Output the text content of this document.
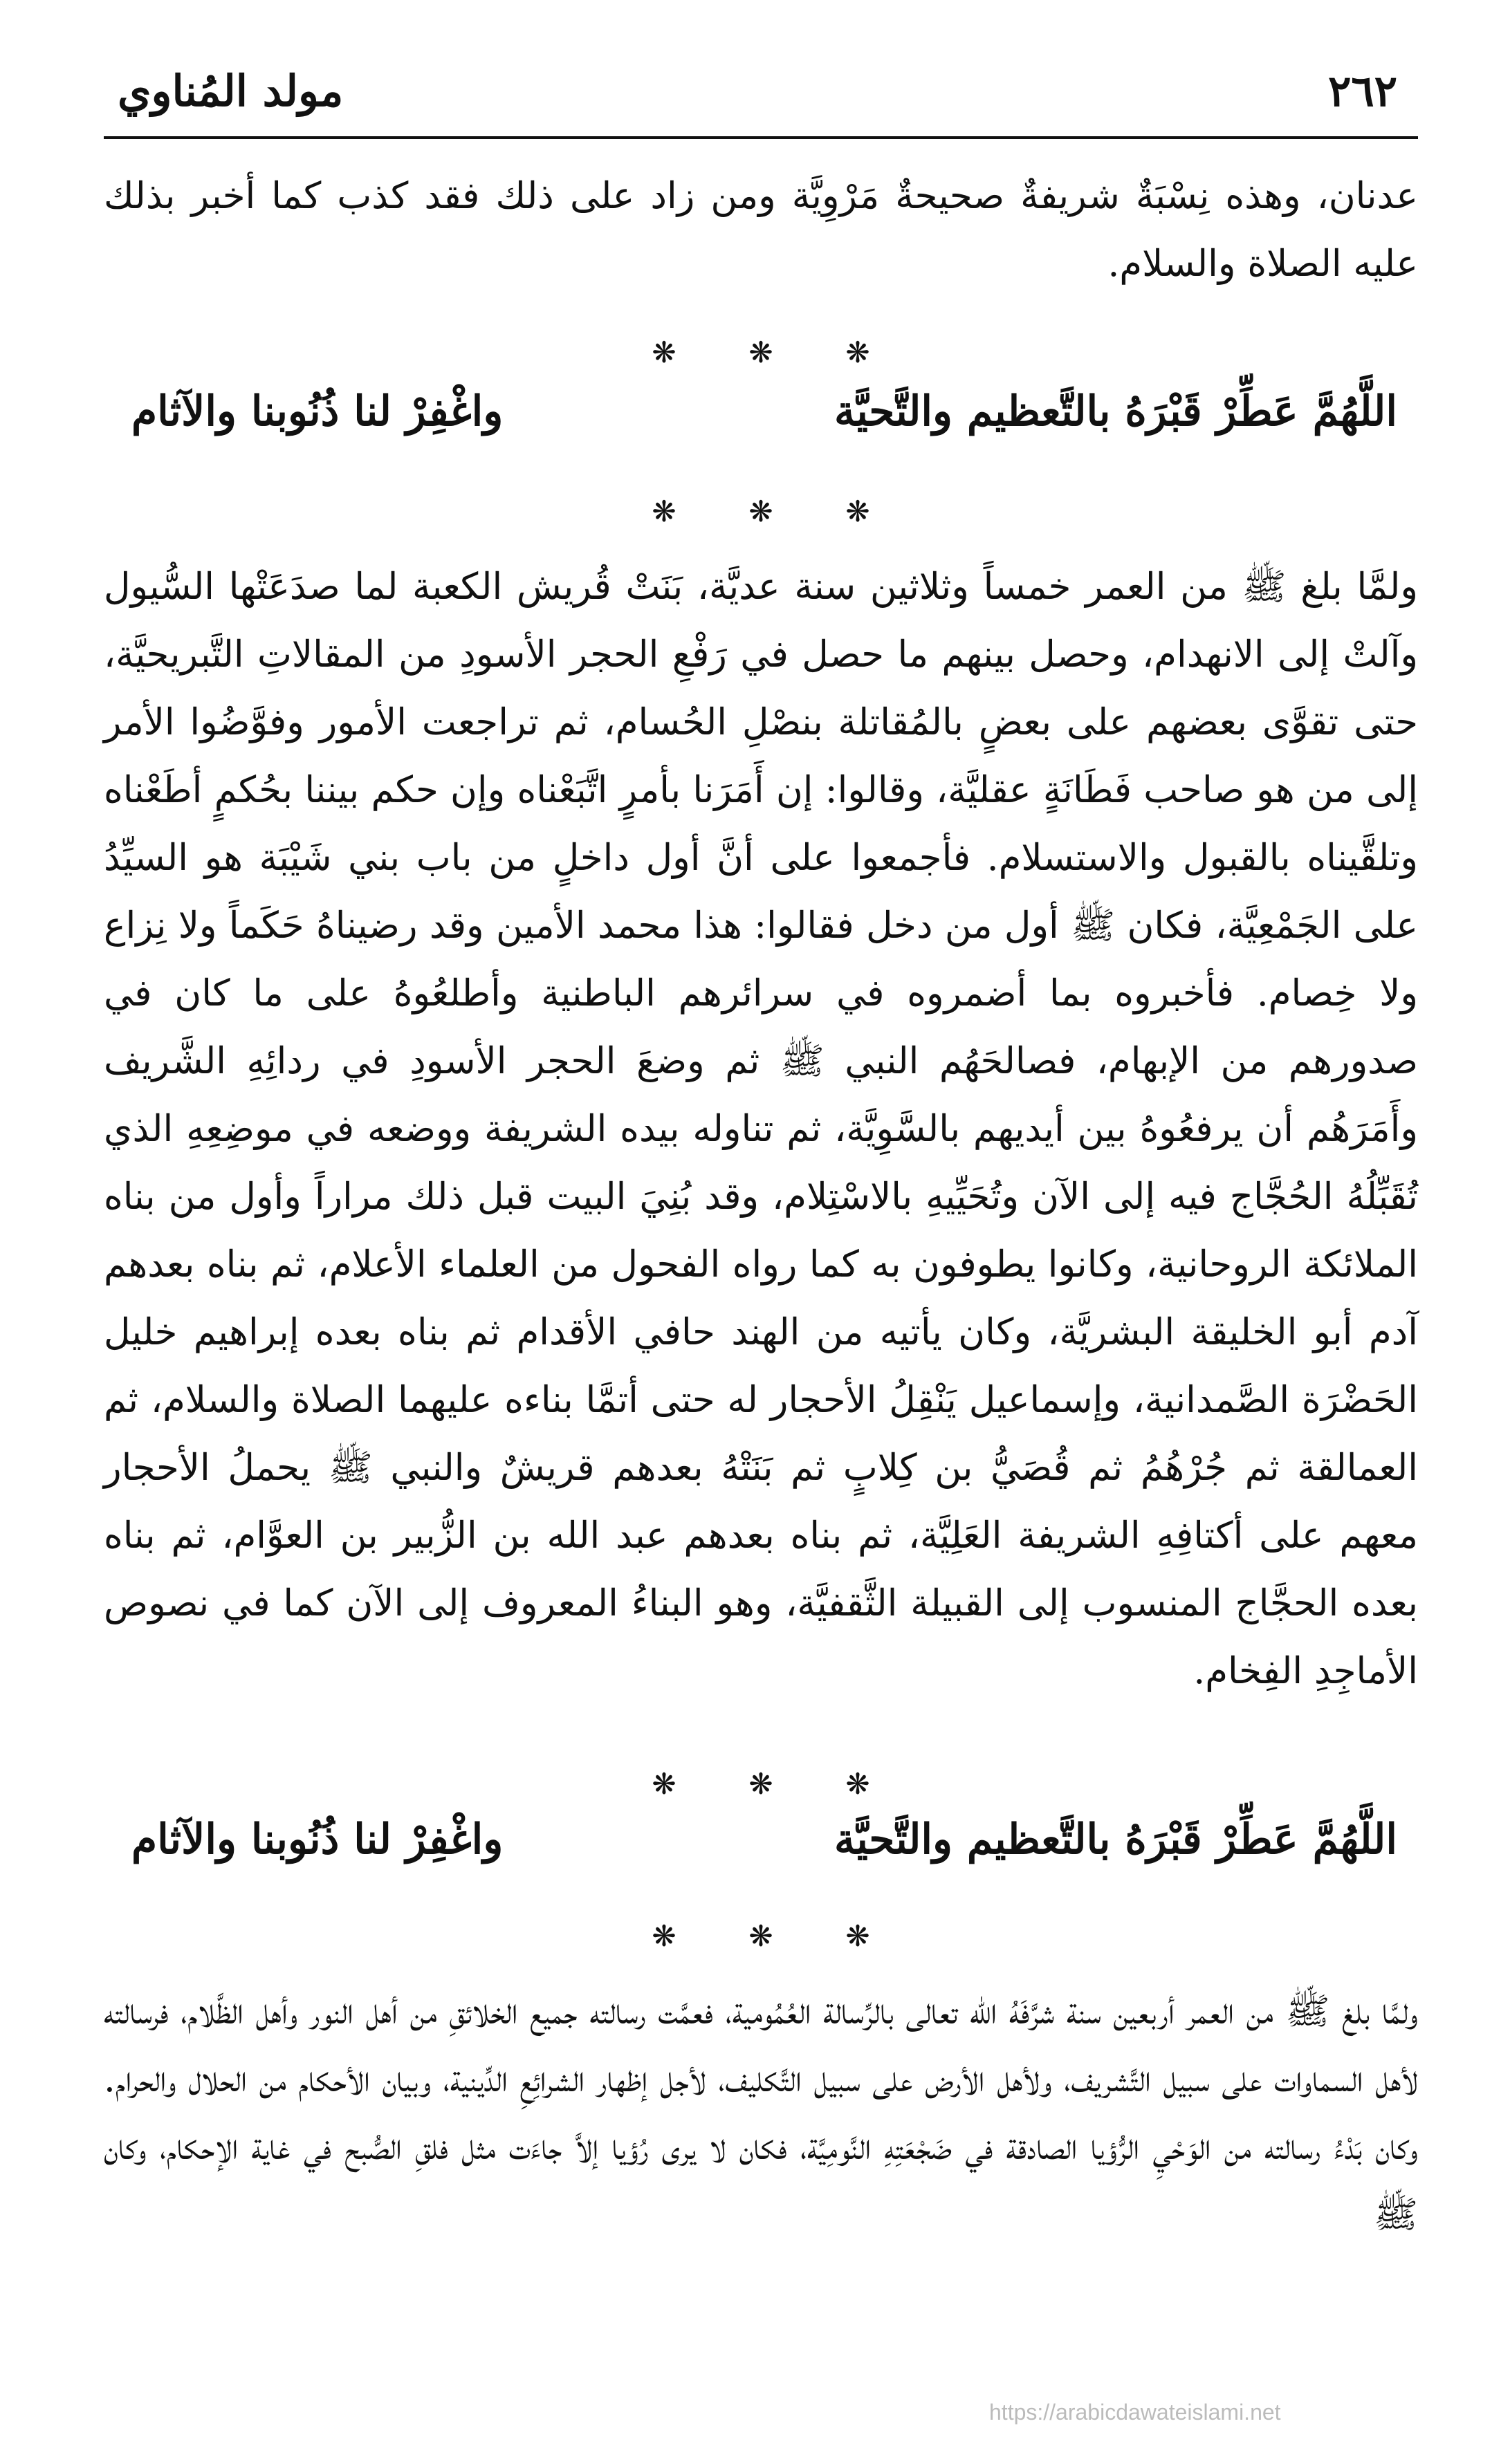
٢٦٢
مولد المُناوي
عدنان، وهذه نِسْبَةٌ شريفةٌ صحيحةٌ مَرْوِيَّة ومن زاد على ذلك فقد كذب كما أخبر بذلك عليه الصلاة والسلام.
❋ ❋ ❋
اللَّهُمَّ عَطِّرْ قَبْرَهُ بالتَّعظيم والتَّحيَّة
واغْفِرْ لنا ذُنُوبنا والآثام
❋ ❋ ❋
ولمَّا بلغ ﷺ من العمر خمساً وثلاثين سنة عديَّة، بَنَتْ قُريش الكعبة لما صدَعَتْها السُّيول وآلتْ إلى الانهدام، وحصل بينهم ما حصل في رَفْعِ الحجر الأسودِ من المقالاتِ التَّبريحيَّة، حتى تقوَّى بعضهم على بعضٍ بالمُقاتلة بنصْلِ الحُسام، ثم تراجعت الأمور وفوَّضُوا الأمر إلى من هو صاحب فَطَانَةٍ عقليَّة، وقالوا: إن أَمَرَنا بأمرٍ اتَّبَعْناه وإن حكم بيننا بحُكمٍ أطَعْناه وتلقَّيناه بالقبول والاستسلام. فأجمعوا على أنَّ أول داخلٍ من باب بني شَيْبَة هو السيِّدُ على الجَمْعِيَّة، فكان ﷺ أول من دخل فقالوا: هذا محمد الأمين وقد رضيناهُ حَكَماً ولا نِزاع ولا خِصام. فأخبروه بما أضمروه في سرائرهم الباطنية وأطلعُوهُ على ما كان في صدورهم من الإبهام، فصالحَهُم النبي ﷺ ثم وضعَ الحجر الأسودِ في ردائِهِ الشَّريف وأَمَرَهُم أن يرفعُوهُ بين أيديهم بالسَّوِيَّة، ثم تناوله بيده الشريفة ووضعه في موضِعِهِ الذي تُقَبِّلُهُ الحُجَّاج فيه إلى الآن وتُحَيِّيهِ بالاسْتِلام، وقد بُنِيَ البيت قبل ذلك مراراً وأول من بناه الملائكة الروحانية، وكانوا يطوفون به كما رواه الفحول من العلماء الأعلام، ثم بناه بعدهم آدم أبو الخليقة البشريَّة، وكان يأتيه من الهند حافي الأقدام ثم بناه بعده إبراهيم خليل الحَضْرَة الصَّمدانية، وإسماعيل يَنْقِلُ الأحجار له حتى أتمَّا بناءه عليهما الصلاة والسلام، ثم العمالقة ثم جُرْهُمُ ثم قُصَيُّ بن كِلابٍ ثم بَنَتْهُ بعدهم قريشٌ والنبي ﷺ يحملُ الأحجار معهم على أكتافِهِ الشريفة العَلِيَّة، ثم بناه بعدهم عبد الله بن الزُّبير بن العوَّام، ثم بناه بعده الحجَّاج المنسوب إلى القبيلة الثَّقفيَّة، وهو البناءُ المعروف إلى الآن كما في نصوص الأماجِدِ الفِخام.
❋ ❋ ❋
اللَّهُمَّ عَطِّرْ قَبْرَهُ بالتَّعظيم والتَّحيَّة
واغْفِرْ لنا ذُنُوبنا والآثام
❋ ❋ ❋
ولمَّا بلغ ﷺ من العمر أربعين سنة شرَّفَهُ الله تعالى بالرِّسالة العُمُومية، فعمَّت رسالته جميع الخلائقِ من أهل النور وأهل الظَّلام، فرسالته لأهل السماوات على سبيل التَّشريف، ولأهل الأرض على سبيل التَّكليف، لأجل إظهار الشرائِعِ الدِّينية، وبيان الأحكام من الحلال والحرام. وكان بَدْءُ رسالته من الوَحْيِ الرُّؤيا الصادقة في ضَجْعَتِهِ النَّومِيَّة، فكان لا يرى رُؤيا إلاَّ جاءَت مثل فلقِ الصُّبح في غاية الإحكام، وكان ﷺ
https://arabicdawateislami.net
